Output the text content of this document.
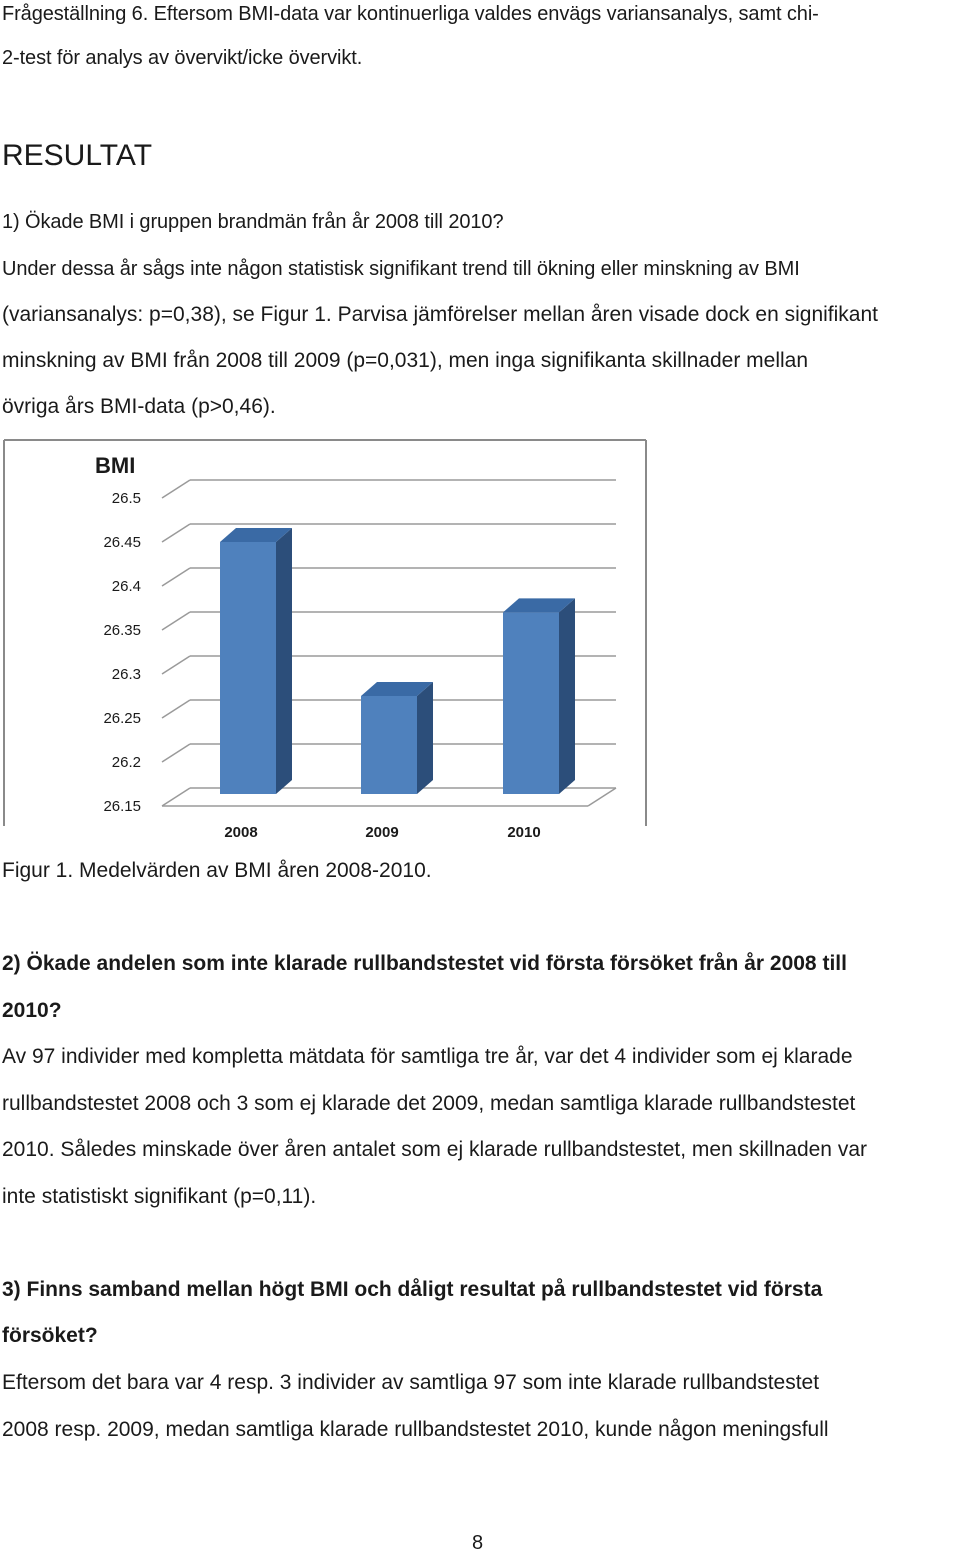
Frågeställning 6. Eftersom BMI-data var kontinuerliga valdes envägs variansanalys, samt chi-

2-test för analys av övervikt/icke övervikt.

RESULTAT

1) Ökade BMI i gruppen brandmän från år 2008 till 2010?

Under dessa år sågs inte någon statistisk signifikant trend till ökning eller minskning av BMI

(variansanalys: p=0,38), se Figur 1. Parvisa jämförelser mellan åren visade dock en signifikant

minskning av BMI från 2008 till 2009 (p=0,031), men inga signifikanta skillnader mellan

övriga års BMI-data (p>0,46).

26.5
26.45
26.4
26.35
26.3
26.25
26.2
26.15
2008	2009	2010
BMI

Figur 1. Medelvärden av BMI åren 2008-2010.

2) Ökade andelen som inte klarade rullbandstestet vid första försöket från år 2008 till

2010?

Av 97 individer med kompletta mätdata för samtliga tre år, var det 4 individer som ej klarade

rullbandstestet 2008 och 3 som ej klarade det 2009, medan samtliga klarade rullbandstestet

2010. Således minskade över åren antalet som ej klarade rullbandstestet, men skillnaden var

inte statistiskt signifikant (p=0,11).

3) Finns samband mellan högt BMI och dåligt resultat på rullbandstestet vid första

försöket?

Eftersom det bara var 4 resp. 3 individer av samtliga 97 som inte klarade rullbandstestet

2008 resp. 2009, medan samtliga klarade rullbandstestet 2010, kunde någon meningsfull

8
